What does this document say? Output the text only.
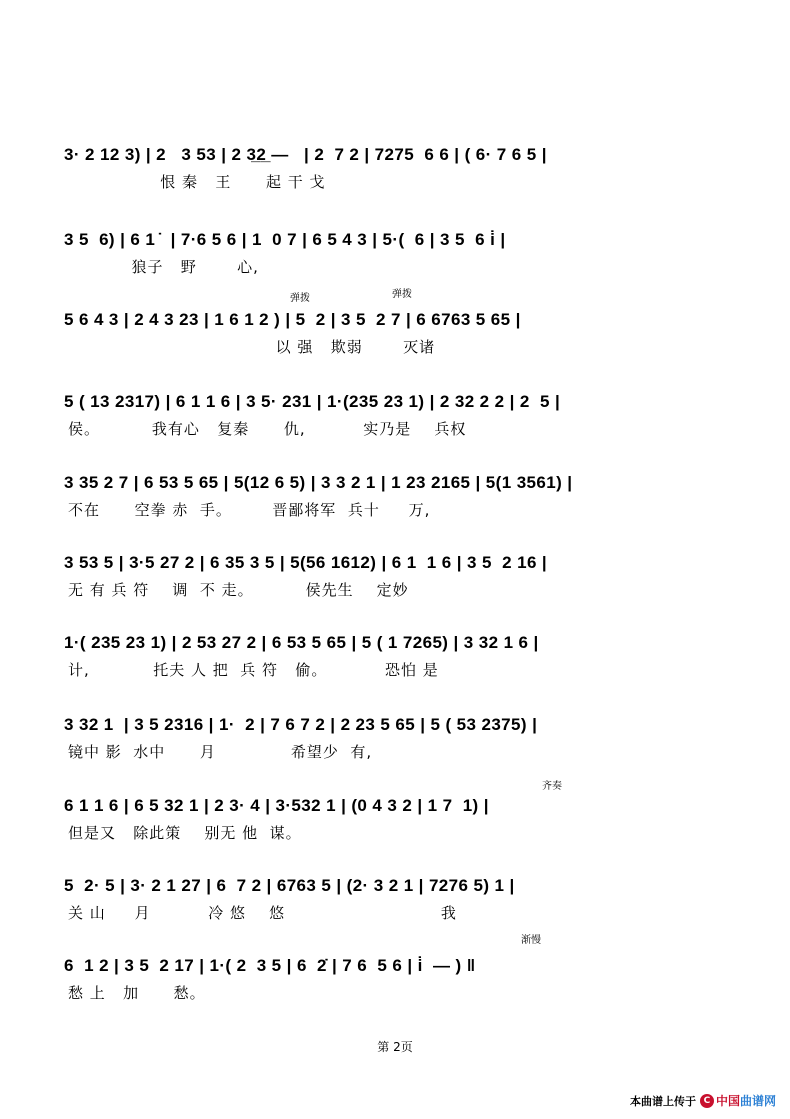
3· 2 12 3) | 2   3 53 | 2 3̲2̲ —   | 2  7 2 | 7275  6 6 | ( 6· 7 6 5 |
恨 秦   王      起 干 戈
3 5  6) | 6 1 ̇  | 7·6 5 6 | 1  0 7 | 6 5 4 3 | 5·(  6 | 3 5  6 i̇ |
狼子   野       心,
弹拨	弹拨
5 6 4 3 | 2 4 3 23 | 1 6 1 2 ) | 5  2 | 3 5  2 7 | 6 6763 5 65 |
以 强   欺弱       灭诸
5 ( 13 2317) | 6 1 1 6 | 3 5· 231 | 1·(235 23 1) | 2 32 2 2 | 2  5 |
侯。         我有心   复秦      仇,          实乃是    兵权
3 35 2 7 | 6 53 5 65 | 5(12 6 5) | 3 3 2 1 | 1 23 2165 | 5(1 3561) |
不在      空拳 赤  手。       晋鄙将军  兵十     万,
3 53 5 | 3·5 27 2 | 6 35 3 5 | 5(56 1612) | 6 1  1 6 | 3 5  2 16 |
无 有 兵 符    调  不 走。         侯先生    定妙
1·( 235 23 1) | 2 53 27 2 | 6 53 5 65 | 5 ( 1 7265) | 3 32 1 6 |
计,           托夫 人 把  兵 符   偷。          恐怕 是
3 32 1  | 3 5 2316 | 1·  2 | 7 6 7 2 | 2 23 5 65 | 5 ( 53 2375) |
镜中 影  水中      月             希望少  有,
齐奏
6 1 1 6 | 6 5 32 1 | 2 3· 4 | 3·532 1 | (0 4 3 2 | 1 7  1) |
但是又   除此策    别无 他  谋。
5  2· 5 | 3· 2 1 27 | 6  7 2 | 6763 5 | (2· 3 2 1 | 7276 5) 1 |
关 山     月          冷 悠    悠                           我
渐慢
6  1 2 | 3 5  2 17 | 1·( 2  3 5 | 6  2̇ | 7 6  5 6 | i̇  — ) ‖
愁 上   加      愁。
第 2页
本曲谱上传于 C 中国 曲谱网
